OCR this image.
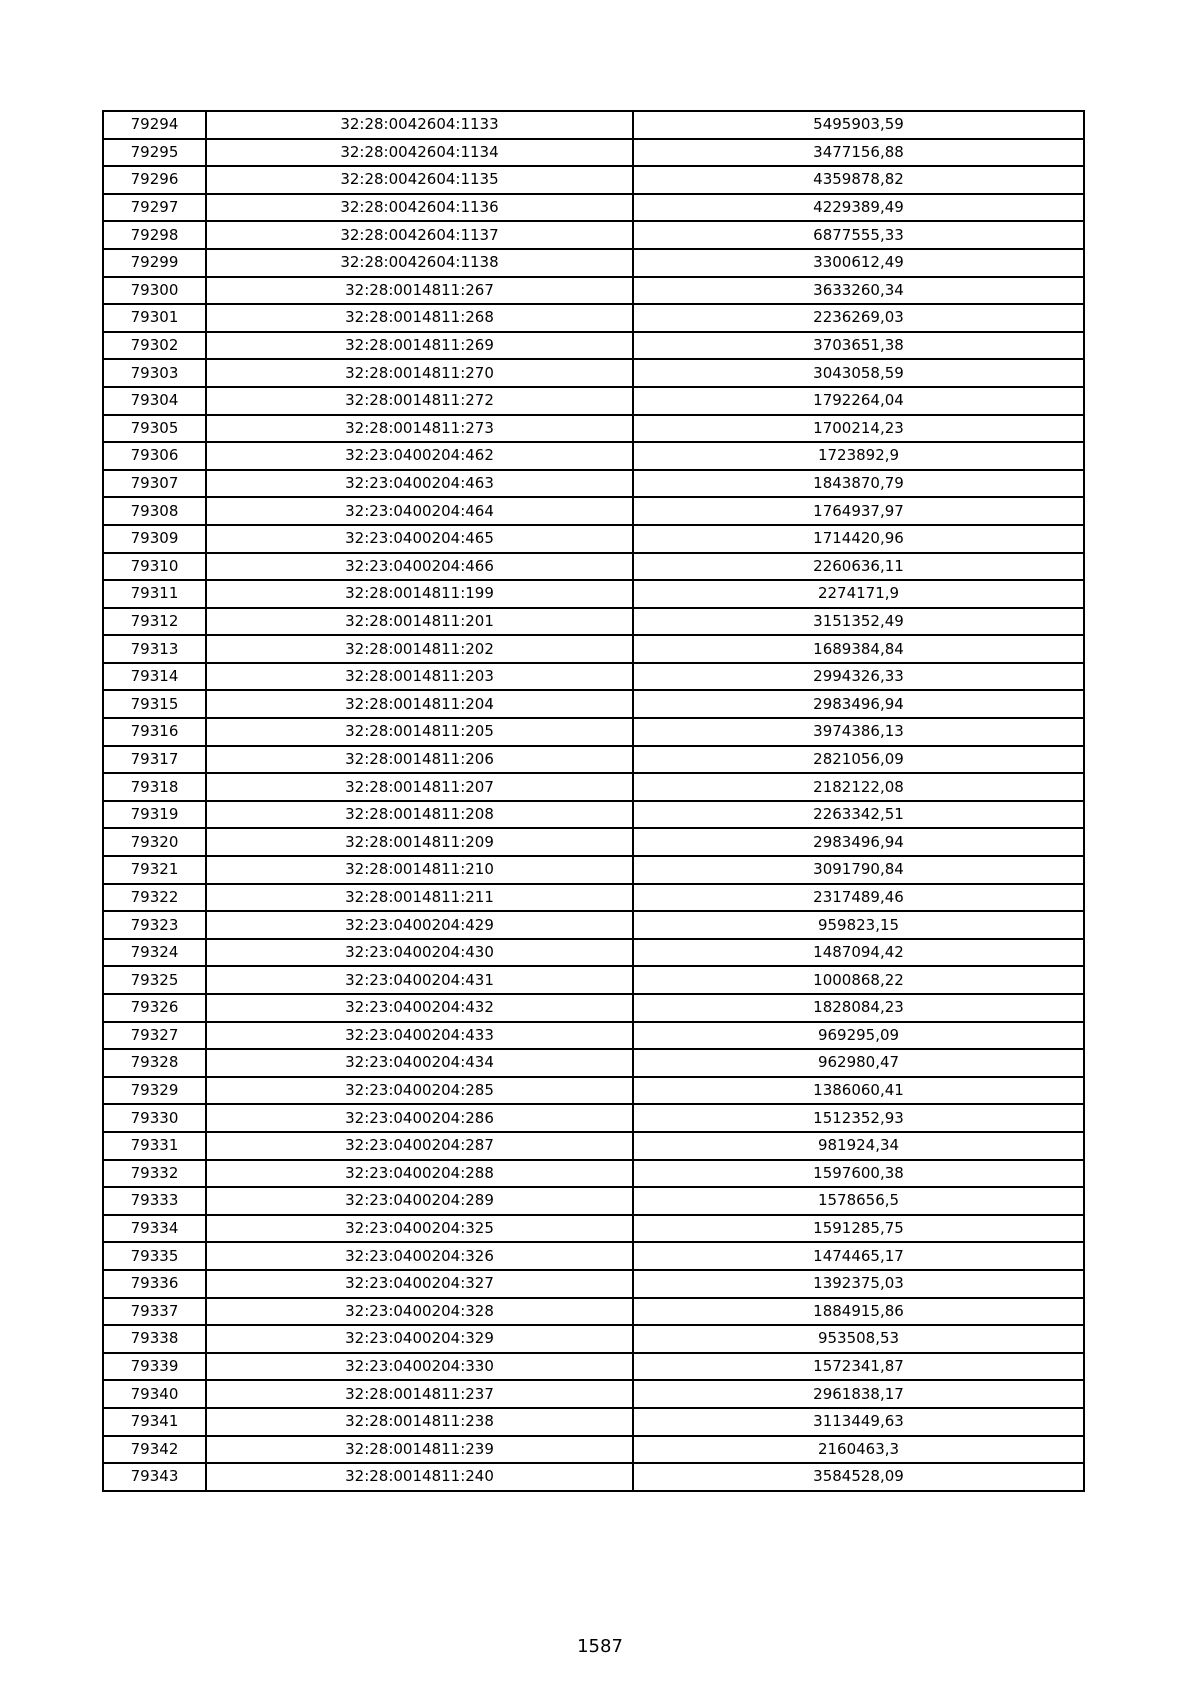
79294	32:28:0042604:1133	5495903,59
79295	32:28:0042604:1134	3477156,88
79296	32:28:0042604:1135	4359878,82
79297	32:28:0042604:1136	4229389,49
79298	32:28:0042604:1137	6877555,33
79299	32:28:0042604:1138	3300612,49
79300	32:28:0014811:267	3633260,34
79301	32:28:0014811:268	2236269,03
79302	32:28:0014811:269	3703651,38
79303	32:28:0014811:270	3043058,59
79304	32:28:0014811:272	1792264,04
79305	32:28:0014811:273	1700214,23
79306	32:23:0400204:462	1723892,9
79307	32:23:0400204:463	1843870,79
79308	32:23:0400204:464	1764937,97
79309	32:23:0400204:465	1714420,96
79310	32:23:0400204:466	2260636,11
79311	32:28:0014811:199	2274171,9
79312	32:28:0014811:201	3151352,49
79313	32:28:0014811:202	1689384,84
79314	32:28:0014811:203	2994326,33
79315	32:28:0014811:204	2983496,94
79316	32:28:0014811:205	3974386,13
79317	32:28:0014811:206	2821056,09
79318	32:28:0014811:207	2182122,08
79319	32:28:0014811:208	2263342,51
79320	32:28:0014811:209	2983496,94
79321	32:28:0014811:210	3091790,84
79322	32:28:0014811:211	2317489,46
79323	32:23:0400204:429	959823,15
79324	32:23:0400204:430	1487094,42
79325	32:23:0400204:431	1000868,22
79326	32:23:0400204:432	1828084,23
79327	32:23:0400204:433	969295,09
79328	32:23:0400204:434	962980,47
79329	32:23:0400204:285	1386060,41
79330	32:23:0400204:286	1512352,93
79331	32:23:0400204:287	981924,34
79332	32:23:0400204:288	1597600,38
79333	32:23:0400204:289	1578656,5
79334	32:23:0400204:325	1591285,75
79335	32:23:0400204:326	1474465,17
79336	32:23:0400204:327	1392375,03
79337	32:23:0400204:328	1884915,86
79338	32:23:0400204:329	953508,53
79339	32:23:0400204:330	1572341,87
79340	32:28:0014811:237	2961838,17
79341	32:28:0014811:238	3113449,63
79342	32:28:0014811:239	2160463,3
79343	32:28:0014811:240	3584528,09
1587
